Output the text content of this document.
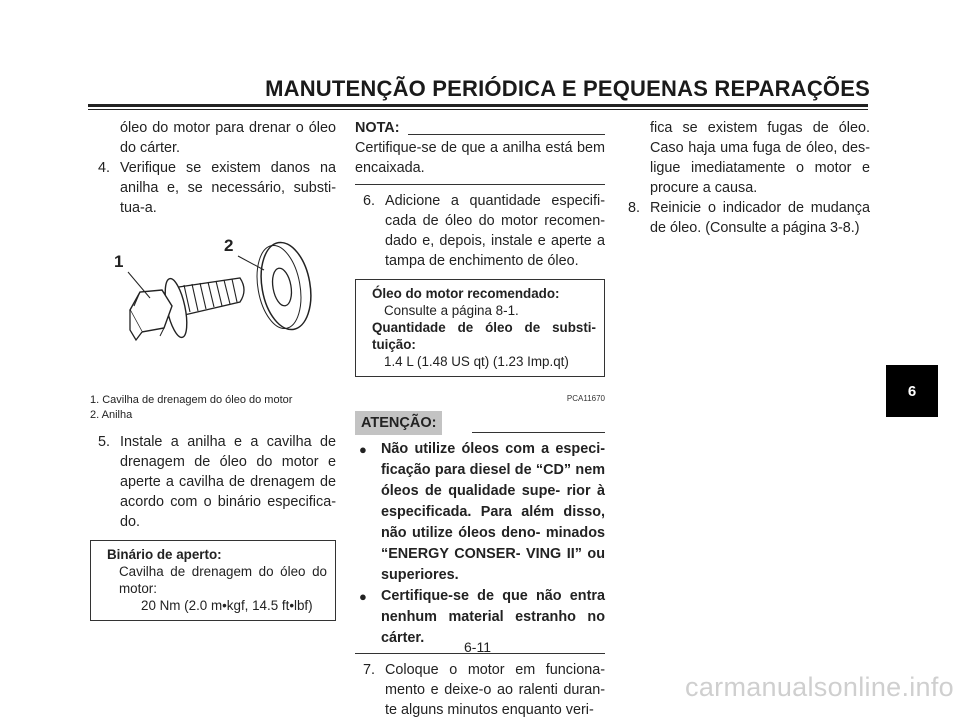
MANUTENÇÃO PERIÓDICA E PEQUENAS REPARAÇÕES
óleo do motor para drenar o óleo do cárter.
4. Verifique se existem danos na anilha e, se necessário, substi- tua-a.
1
2
1. Cavilha de drenagem do óleo do motor
2. Anilha
5. Instale a anilha e a cavilha de drenagem de óleo do motor e aperte a cavilha de drenagem de acordo com o binário especifica- do.
Binário de aperto:
Cavilha de drenagem do óleo do motor:
20 Nm (2.0 m•kgf, 14.5 ft•lbf)
NOTA:
Certifique-se de que a anilha está bem encaixada.
6. Adicione a quantidade especifi- cada de óleo do motor recomen- dado e, depois, instale e aperte a tampa de enchimento de óleo.
Óleo do motor recomendado:
Consulte a página 8-1.
Quantidade de óleo de substi- tuição:
1.4 L (1.48 US qt) (1.23 Imp.qt)
PCA11670
ATENÇÃO:
● Não utilize óleos com a especi- ficação para diesel de “CD” nem óleos de qualidade supe- rior à especificada. Para além disso, não utilize óleos deno- minados “ENERGY CONSER- VING II” ou superiores.
● Certifique-se de que não entra nenhum material estranho no cárter.
7. Coloque o motor em funciona- mento e deixe-o ao ralenti duran- te alguns minutos enquanto veri-
fica se existem fugas de óleo. Caso haja uma fuga de óleo, des- ligue imediatamente o motor e procure a causa.
8. Reinicie o indicador de mudança de óleo. (Consulte a página 3-8.)
6-11
6
carmanualsonline.info
